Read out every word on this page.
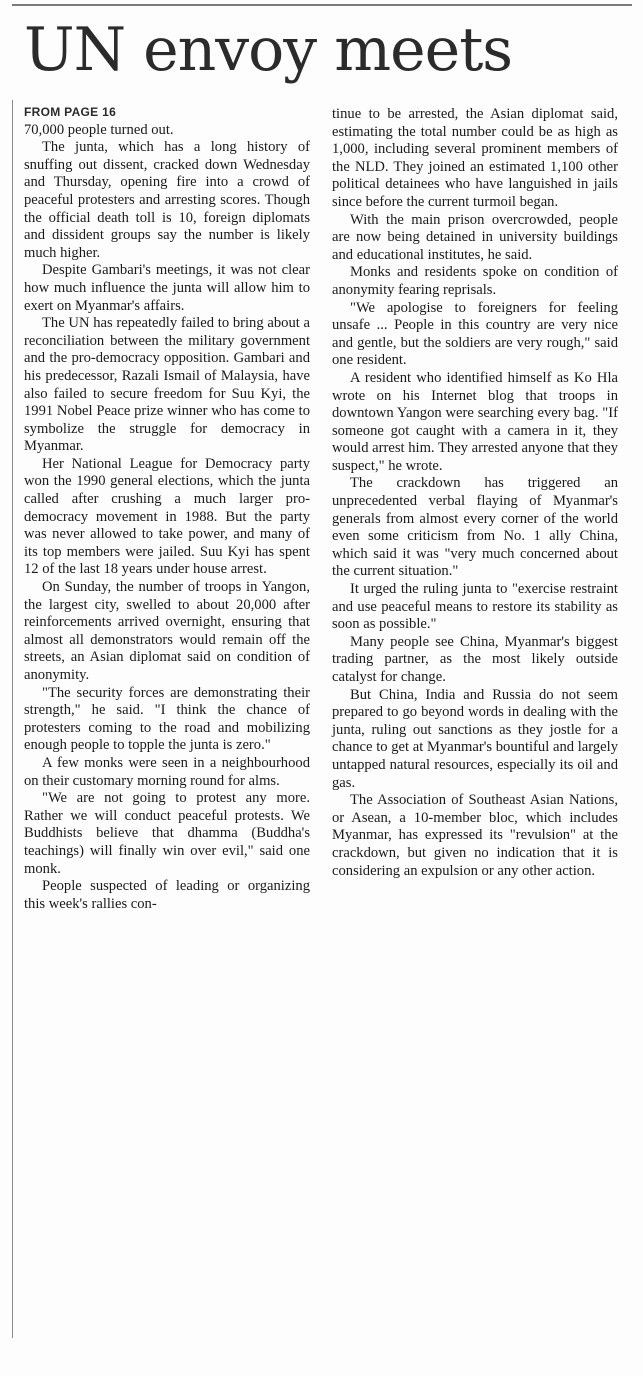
UN envoy meets
FROM PAGE 16

70,000 people turned out.

The junta, which has a long history of snuffing out dissent, cracked down Wednesday and Thursday, opening fire into a crowd of peaceful protesters and arresting scores. Though the official death toll is 10, foreign diplomats and dissident groups say the number is likely much higher.

Despite Gambari's meetings, it was not clear how much influence the junta will allow him to exert on Myanmar's affairs.

The UN has repeatedly failed to bring about a reconciliation between the military government and the pro-democracy opposition. Gambari and his predecessor, Razali Ismail of Malaysia, have also failed to secure freedom for Suu Kyi, the 1991 Nobel Peace prize winner who has come to symbolize the struggle for democracy in Myanmar.

Her National League for Democracy party won the 1990 general elections, which the junta called after crushing a much larger pro-democracy movement in 1988. But the party was never allowed to take power, and many of its top members were jailed. Suu Kyi has spent 12 of the last 18 years under house arrest.

On Sunday, the number of troops in Yangon, the largest city, swelled to about 20,000 after reinforcements arrived overnight, ensuring that almost all demonstrators would remain off the streets, an Asian diplomat said on condition of anonymity.

"The security forces are demonstrating their strength," he said. "I think the chance of protesters coming to the road and mobilizing enough people to topple the junta is zero."

A few monks were seen in a neighbourhood on their customary morning round for alms.

"We are not going to protest any more. Rather we will conduct peaceful protests. We Buddhists believe that dhamma (Buddha's teachings) will finally win over evil," said one monk.

People suspected of leading or organizing this week's rallies con-

tinue to be arrested, the Asian diplomat said, estimating the total number could be as high as 1,000, including several prominent members of the NLD. They joined an estimated 1,100 other political detainees who have languished in jails since before the current turmoil began.

With the main prison overcrowded, people are now being detained in university buildings and educational institutes, he said.

Monks and residents spoke on condition of anonymity fearing reprisals.

"We apologise to foreigners for feeling unsafe ... People in this country are very nice and gentle, but the soldiers are very rough," said one resident.

A resident who identified himself as Ko Hla wrote on his Internet blog that troops in downtown Yangon were searching every bag. "If someone got caught with a camera in it, they would arrest him. They arrested anyone that they suspect," he wrote.

The crackdown has triggered an unprecedented verbal flaying of Myanmar's generals from almost every corner of the world even some criticism from No. 1 ally China, which said it was "very much concerned about the current situation."

It urged the ruling junta to "exercise restraint and use peaceful means to restore its stability as soon as possible."

Many people see China, Myanmar's biggest trading partner, as the most likely outside catalyst for change.

But China, India and Russia do not seem prepared to go beyond words in dealing with the junta, ruling out sanctions as they jostle for a chance to get at Myanmar's bountiful and largely untapped natural resources, especially its oil and gas.

The Association of Southeast Asian Nations, or Asean, a 10-member bloc, which includes Myanmar, has expressed its "revulsion" at the crackdown, but given no indication that it is considering an expulsion or any other action.
